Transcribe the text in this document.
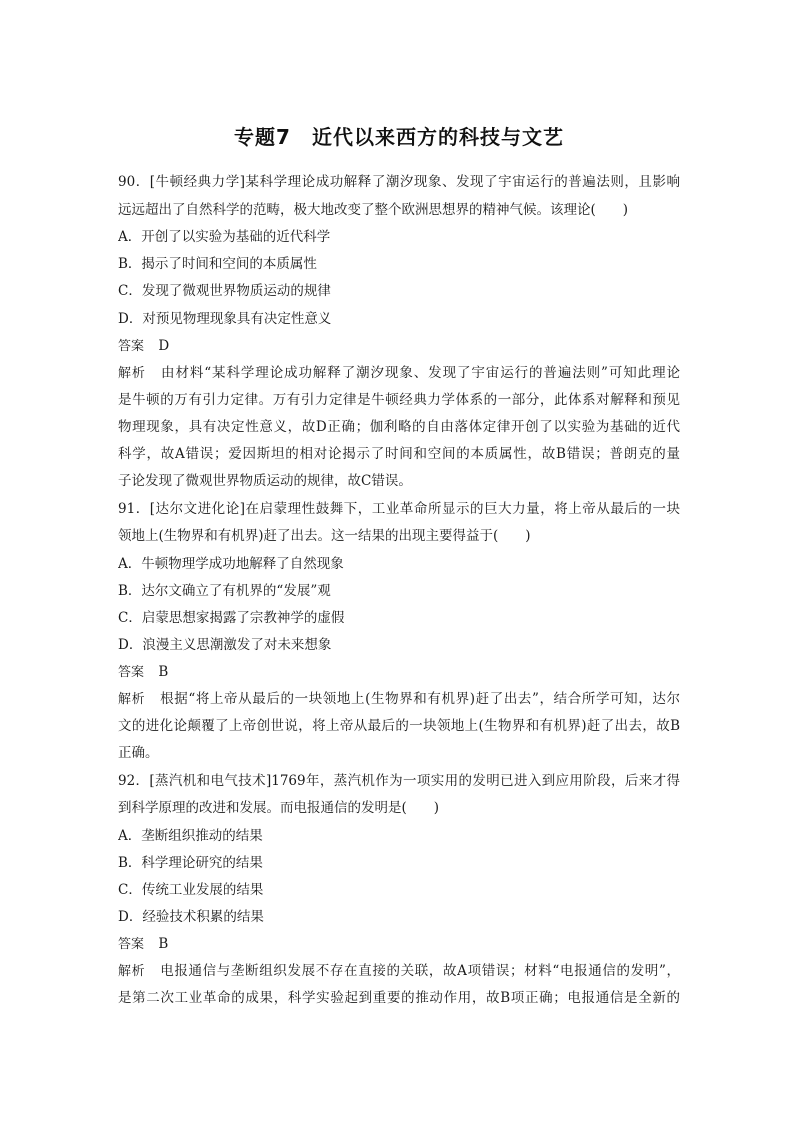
专题7　近代以来西方的科技与文艺
90．[牛顿经典力学]某科学理论成功解释了潮汐现象、发现了宇宙运行的普遍法则，且影响
远远超出了自然科学的范畴，极大地改变了整个欧洲思想界的精神气候。该理论(　　)
A．开创了以实验为基础的近代科学
B．揭示了时间和空间的本质属性
C．发现了微观世界物质运动的规律
D．对预见物理现象具有决定性意义
答案 D
解析 由材料“某科学理论成功解释了潮汐现象、发现了宇宙运行的普遍法则”可知此理论
是牛顿的万有引力定律。万有引力定律是牛顿经典力学体系的一部分，此体系对解释和预见
物理现象，具有决定性意义，故D正确；伽利略的自由落体定律开创了以实验为基础的近代
科学，故A错误；爱因斯坦的相对论揭示了时间和空间的本质属性，故B错误；普朗克的量
子论发现了微观世界物质运动的规律，故C错误。
91．[达尔文进化论]在启蒙理性鼓舞下，工业革命所显示的巨大力量，将上帝从最后的一块
领地上(生物界和有机界)赶了出去。这一结果的出现主要得益于(　　)
A．牛顿物理学成功地解释了自然现象
B．达尔文确立了有机界的“发展”观
C．启蒙思想家揭露了宗教神学的虚假
D．浪漫主义思潮激发了对未来想象
答案 B
解析 根据“将上帝从最后的一块领地上(生物界和有机界)赶了出去”，结合所学可知，达尔
文的进化论颠覆了上帝创世说，将上帝从最后的一块领地上(生物界和有机界)赶了出去，故B
正确。
92．[蒸汽机和电气技术]1769年，蒸汽机作为一项实用的发明已进入到应用阶段，后来才得
到科学原理的改进和发展。而电报通信的发明是(　　)
A．垄断组织推动的结果
B．科学理论研究的结果
C．传统工业发展的结果
D．经验技术积累的结果
答案 B
解析 电报通信与垄断组织发展不存在直接的关联，故A项错误；材料“电报通信的发明”，
是第二次工业革命的成果，科学实验起到重要的推动作用，故B项正确；电报通信是全新的
